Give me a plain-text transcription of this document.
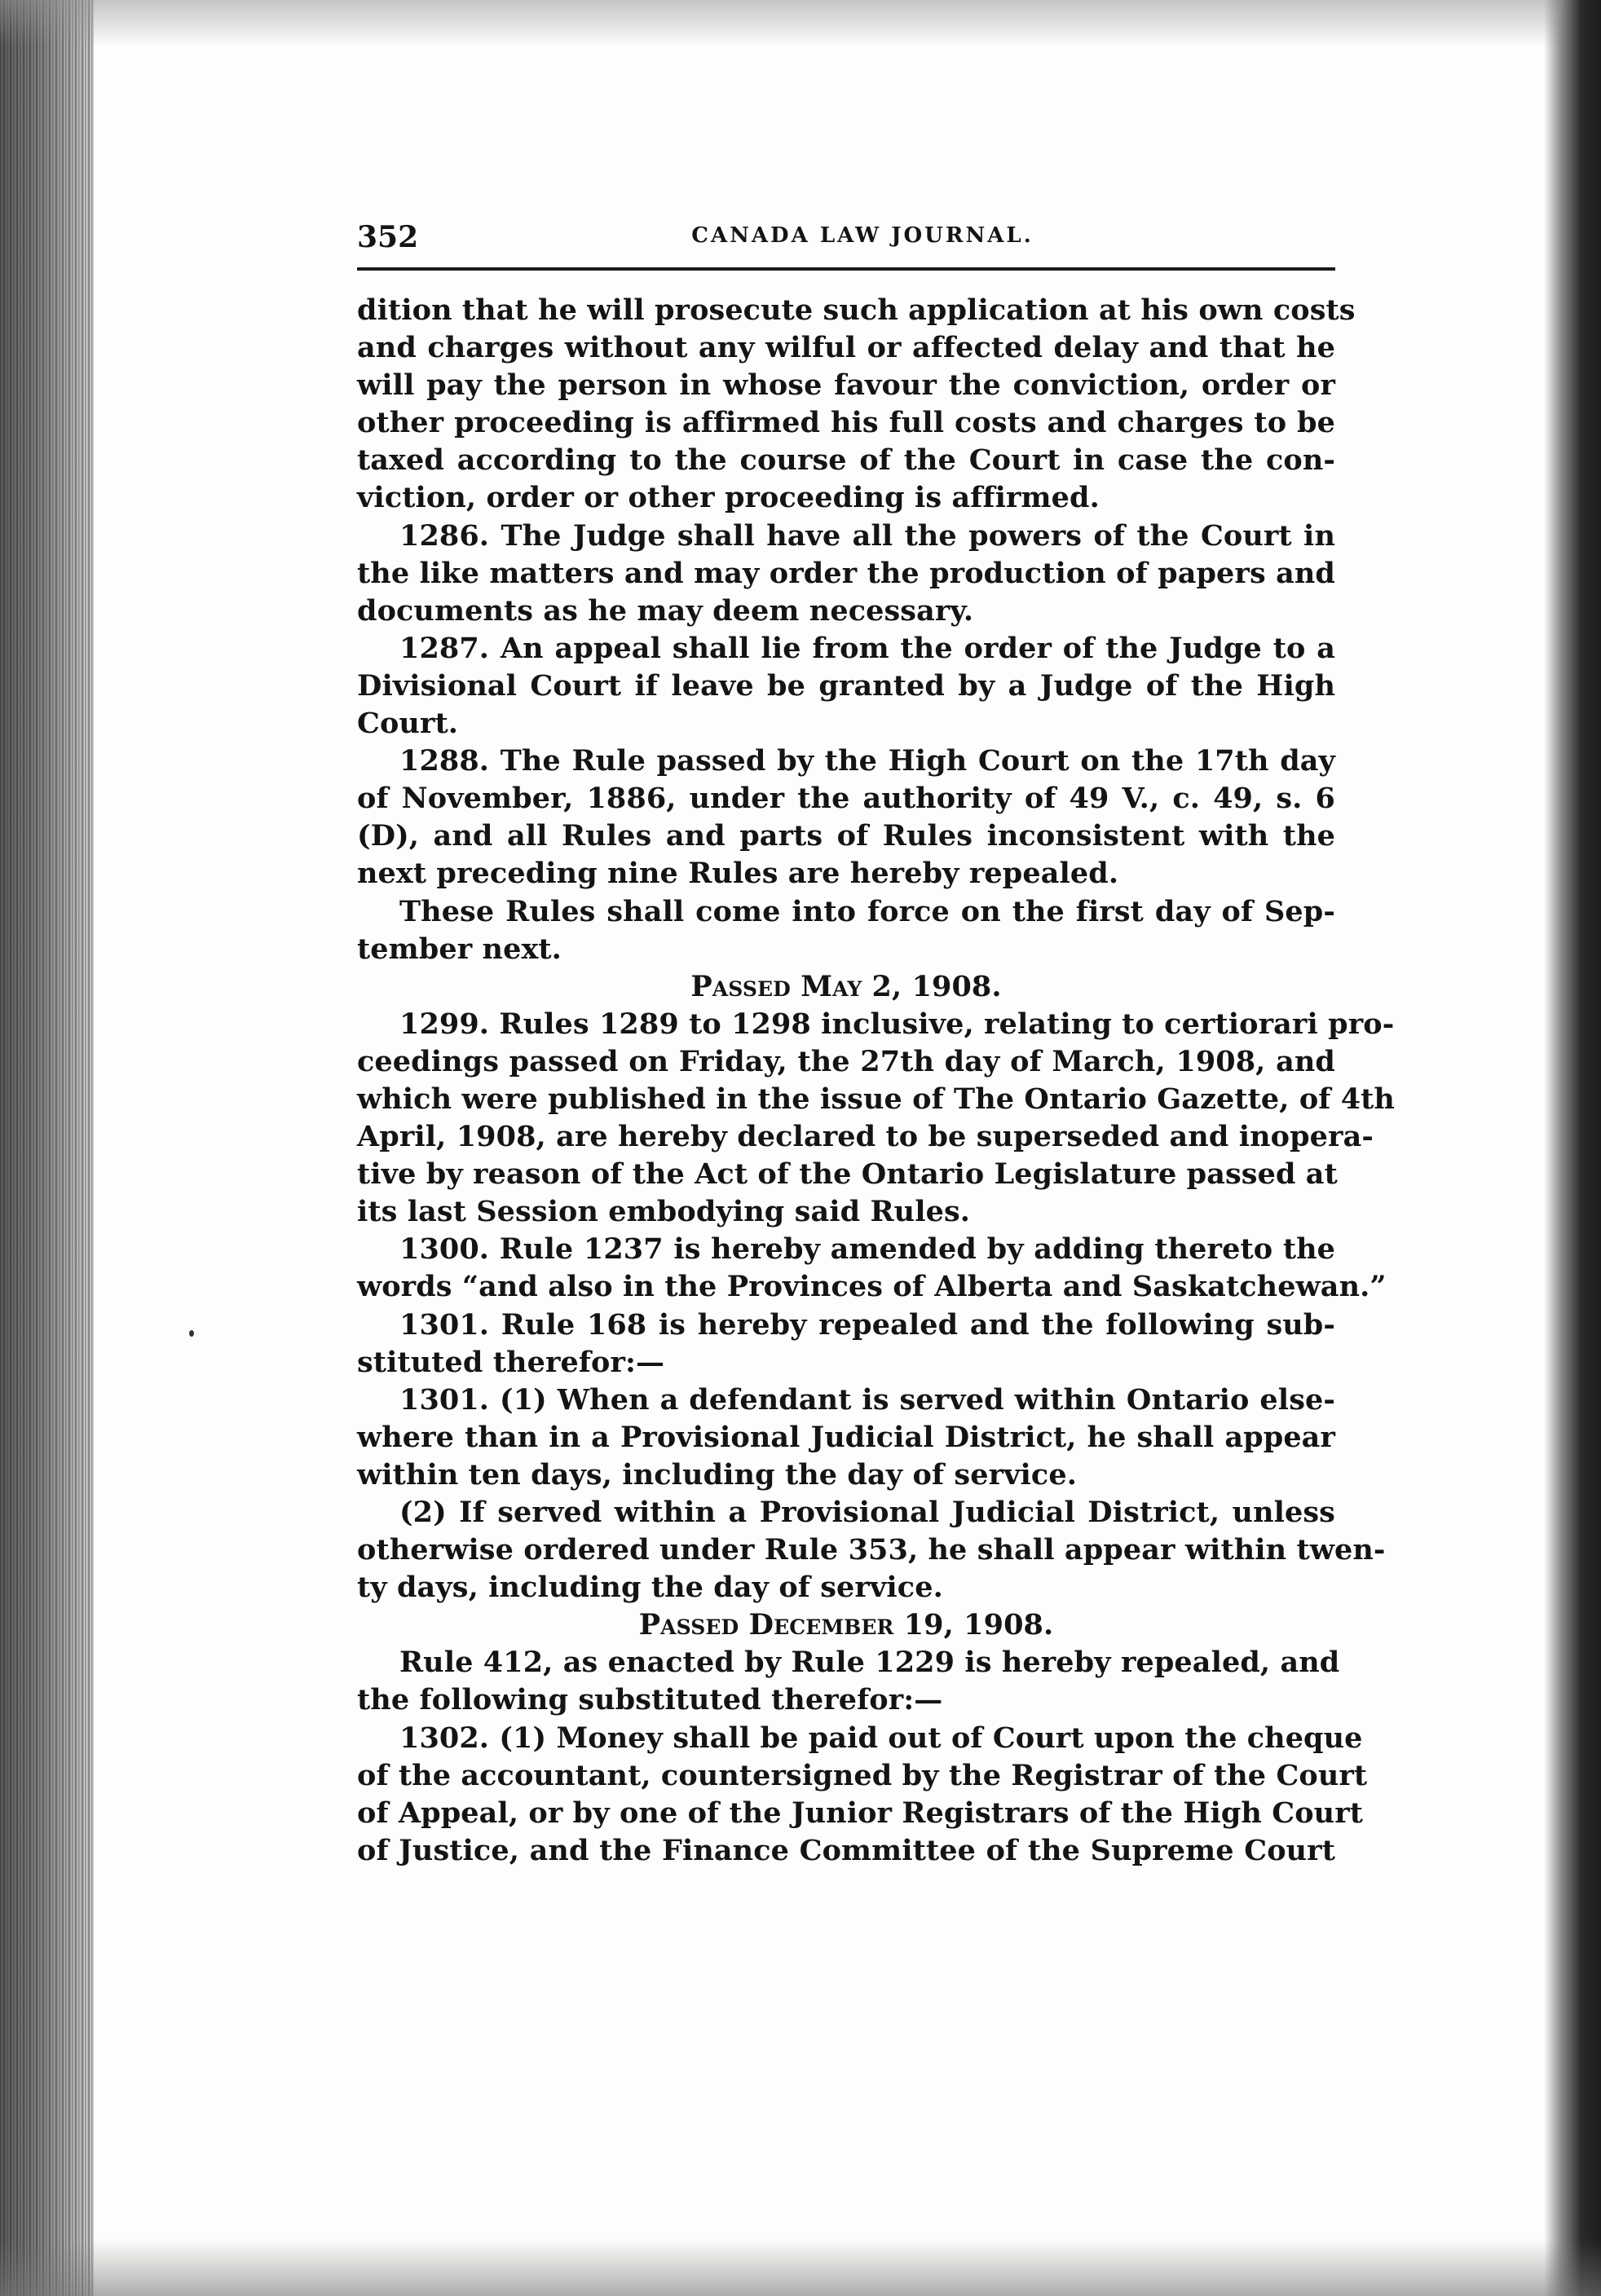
352	CANADA LAW JOURNAL.
dition that he will prosecute such application at his own costs
and charges without any wilful or affected delay and that he
will pay the person in whose favour the conviction, order or
other proceeding is affirmed his full costs and charges to be
taxed according to the course of the Court in case the con-
viction, order or other proceeding is affirmed.
1286. The Judge shall have all the powers of the Court in
the like matters and may order the production of papers and
documents as he may deem necessary.
1287. An appeal shall lie from the order of the Judge to a
Divisional Court if leave be granted by a Judge of the High
Court.
1288. The Rule passed by the High Court on the 17th day
of November, 1886, under the authority of 49 V., c. 49, s. 6
(D), and all Rules and parts of Rules inconsistent with the
next preceding nine Rules are hereby repealed.
These Rules shall come into force on the first day of Sep-
tember next.
Passed May 2, 1908.
1299. Rules 1289 to 1298 inclusive, relating to certiorari pro-
ceedings passed on Friday, the 27th day of March, 1908, and
which were published in the issue of The Ontario Gazette, of 4th
April, 1908, are hereby declared to be superseded and inopera-
tive by reason of the Act of the Ontario Legislature passed at
its last Session embodying said Rules.
1300. Rule 1237 is hereby amended by adding thereto the
words “and also in the Provinces of Alberta and Saskatchewan.”
1301. Rule 168 is hereby repealed and the following sub-
stituted therefor:—
1301. (1) When a defendant is served within Ontario else-
where than in a Provisional Judicial District, he shall appear
within ten days, including the day of service.
(2) If served within a Provisional Judicial District, unless
otherwise ordered under Rule 353, he shall appear within twen-
ty days, including the day of service.
Passed December 19, 1908.
Rule 412, as enacted by Rule 1229 is hereby repealed, and
the following substituted therefor:—
1302. (1) Money shall be paid out of Court upon the cheque
of the accountant, countersigned by the Registrar of the Court
of Appeal, or by one of the Junior Registrars of the High Court
of Justice, and the Finance Committee of the Supreme Court
